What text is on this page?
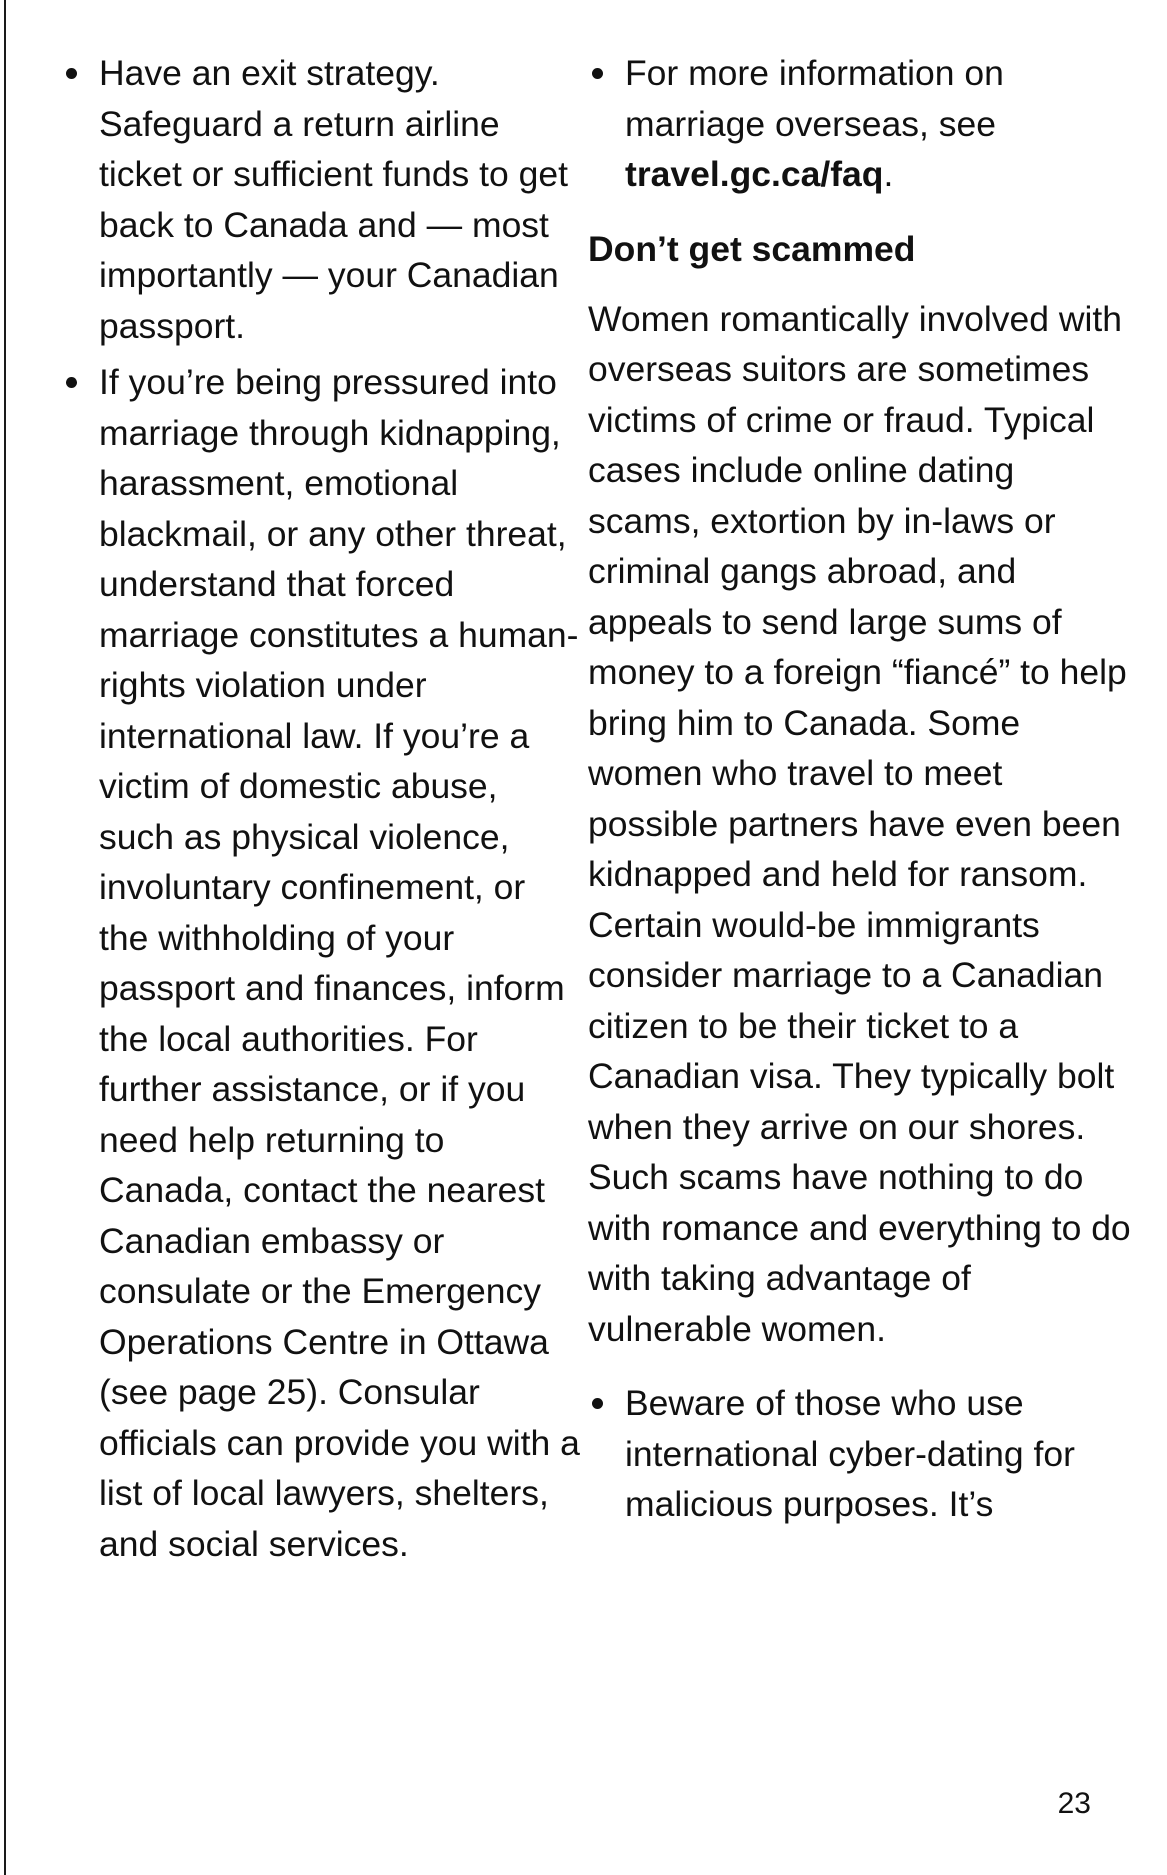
Have an exit strategy. Safeguard a return airline ticket or sufficient funds to get back to Canada and — most importantly — your Canadian passport.
If you’re being pressured into marriage through kidnapping, harassment, emotional blackmail, or any other threat, understand that forced marriage constitutes a human-rights violation under international law. If you’re a victim of domestic abuse, such as physical violence, involuntary confinement, or the withholding of your passport and finances, inform the local authorities. For further assistance, or if you need help returning to Canada, contact the nearest Canadian embassy or consulate or the Emergency Operations Centre in Ottawa (see page 25). Consular officials can provide you with a list of local lawyers, shelters, and social services.
For more information on marriage overseas, see travel.gc.ca/faq.
Don’t get scammed

Women romantically involved with overseas suitors are sometimes victims of crime or fraud. Typical cases include online dating scams, extortion by in-laws or criminal gangs abroad, and appeals to send large sums of money to a foreign “fiancé” to help bring him to Canada. Some women who travel to meet possible partners have even been kidnapped and held for ransom. Certain would-be immigrants consider marriage to a Canadian citizen to be their ticket to a Canadian visa. They typically bolt when they arrive on our shores. Such scams have nothing to do with romance and everything to do with taking advantage of vulnerable women.

Beware of those who use international cyber-dating for malicious purposes. It’s
23
